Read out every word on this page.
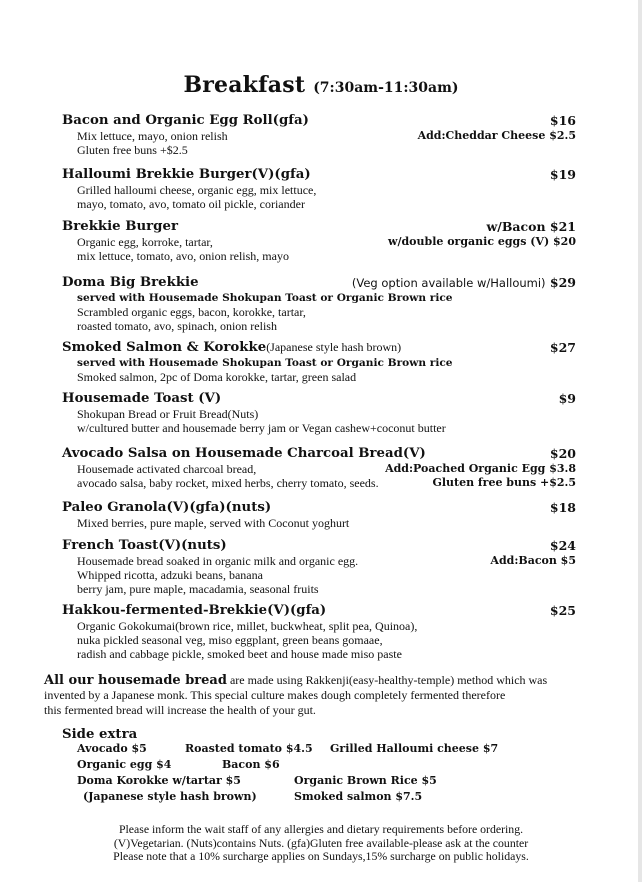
Breakfast (7:30am-11:30am)
Bacon and Organic Egg Roll(gfa)	$16
Mix lettuce, mayo, onion relish	Add:Cheddar Cheese $2.5
Gluten free buns +$2.5
Halloumi Brekkie Burger(V)(gfa)	$19
Grilled halloumi cheese, organic egg, mix lettuce,
mayo, tomato, avo, tomato oil pickle, coriander
Brekkie Burger	w/Bacon $21
Organic egg, korroke, tartar,	w/double organic eggs (V) $20
mix lettuce, tomato, avo, onion relish, mayo
Doma Big Brekkie	(Veg option available w/Halloumi) $29
served with Housemade Shokupan Toast or Organic Brown rice
Scrambled organic eggs, bacon, korokke, tartar,
roasted tomato, avo, spinach, onion relish
Smoked Salmon & Korokke(Japanese style hash brown)	$27
served with Housemade Shokupan Toast or Organic Brown rice
Smoked salmon, 2pc of Doma korokke, tartar, green salad
Housemade Toast (V)	$9
Shokupan Bread or Fruit Bread(Nuts)
w/cultured butter and housemade berry jam or Vegan cashew+coconut butter
Avocado Salsa on Housemade Charcoal Bread(V)	$20
Housemade activated charcoal bread,	Add:Poached Organic Egg $3.8
avocado salsa, baby rocket, mixed herbs, cherry tomato, seeds.	Gluten free buns +$2.5
Paleo Granola(V)(gfa)(nuts)	$18
Mixed berries, pure maple, served with Coconut yoghurt
French Toast(V)(nuts)	$24
Housemade bread soaked in organic milk and organic egg.	Add:Bacon $5
Whipped ricotta, adzuki beans, banana
berry jam, pure maple, macadamia, seasonal fruits
Hakkou-fermented-Brekkie(V)(gfa)	$25
Organic Gokokumai(brown rice, millet, buckwheat, split pea, Quinoa),
nuka pickled seasonal veg, miso eggplant, green beans gomaae,
radish and cabbage pickle, smoked beet and house made miso paste
All our housemade bread are made using Rakkenji(easy-healthy-temple) method which was
invented by a Japanese monk. This special culture makes dough completely fermented therefore
this fermented bread will increase the health of your gut.
Side extra
Avocado $5	Roasted tomato $4.5 Grilled Halloumi cheese $7
Organic egg $4	Bacon $6
Doma Korokke w/tartar $5	Organic Brown Rice $5
(Japanese style hash brown)	Smoked salmon $7.5
Please inform the wait staff of any allergies and dietary requirements before ordering.
(V)Vegetarian. (Nuts)contains Nuts. (gfa)Gluten free available-please ask at the counter
Please note that a 10% surcharge applies on Sundays,15% surcharge on public holidays.
